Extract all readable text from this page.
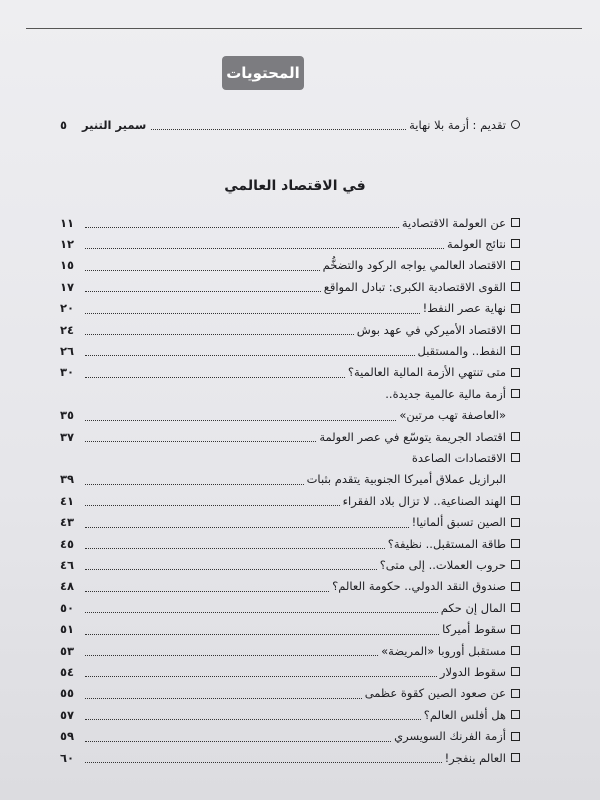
المحتويات
تقديم : أزمة بلا نهاية
سمير التنير
٥
في الاقتصاد العالمي
عن العولمة الاقتصادية
١١
نتائج العولمة
١٢
الاقتصاد العالمي يواجه الركود والتضخُّم
١٥
القوى الاقتصادية الكبرى: تبادل المواقع
١٧
نهاية عصر النفط!
٢٠
الاقتصاد الأميركي في عهد بوش
٢٤
النفط.. والمستقبل
٢٦
متى تنتهي الأزمة المالية العالمية؟
٣٠
أزمة مالية عالمية جديدة..
«العاصفة تهب مرتين»
٣٥
اقتصاد الجريمة يتوسّع في عصر العولمة
٣٧
الاقتصادات الصاعدة
البرازيل عملاق أميركا الجنوبية يتقدم بثبات
٣٩
الهند الصناعية.. لا تزال بلاد الفقراء
٤١
الصين تسبق ألمانيا!
٤٣
طاقة المستقبل.. نظيفة؟
٤٥
حروب العملات.. إلى متى؟
٤٦
صندوق النقد الدولي.. حكومة العالم؟
٤٨
المال إن حكم
٥٠
سقوط أميركا
٥١
مستقبل أوروبا «المريضة»
٥٣
سقوط الدولار
٥٤
عن صعود الصين كقوة عظمى
٥٥
هل أفلس العالم؟
٥٧
أزمة الفرنك السويسري
٥٩
العالم ينفجر!
٦٠
